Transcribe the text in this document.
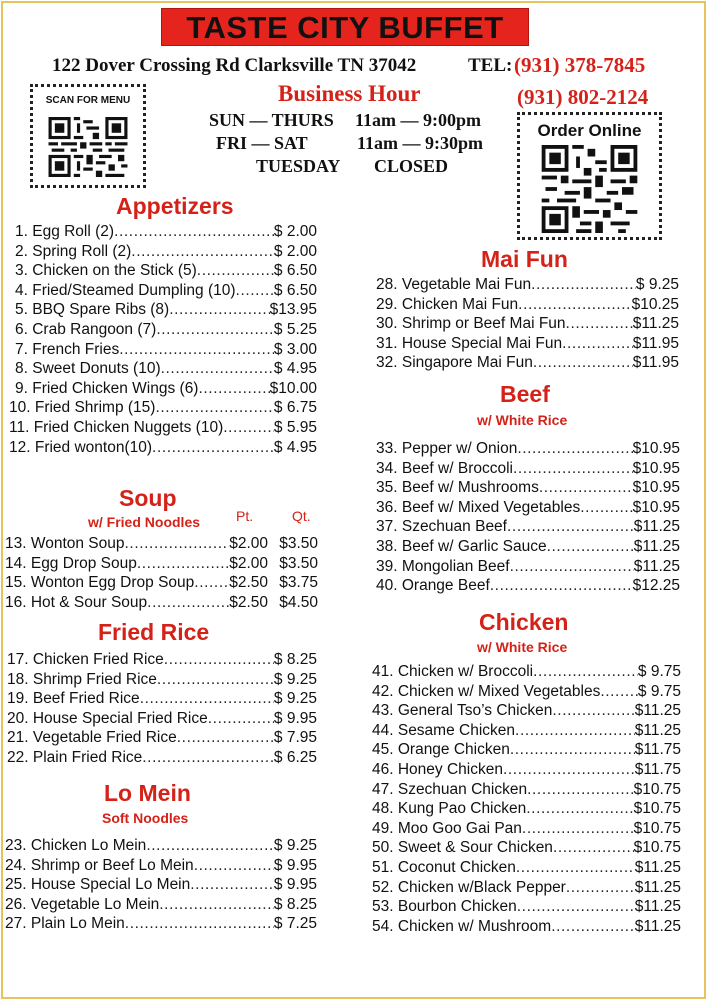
TASTE CITY BUFFET
122 Dover Crossing Rd Clarksville TN 37042	TEL: (931) 378-7845
(931) 802-2124
Business Hour
SUN — THURS 11am — 9:00pm
FRI — SAT	11am — 9:30pm
TUESDAY CLOSED
SCAN FOR MENU
Order Online
Appetizers
1. Egg Roll (2) .....	$ 2.00
2. Spring Roll (2) .....	$ 2.00
3. Chicken on the Stick (5) .....	$ 6.50
4. Fried/Steamed Dumpling (10) ..... $ 6.50
5. BBQ Spare Ribs (8) .....	$13.95
6. Crab Rangoon (7) .....	$ 5.25
7. French Fries .....	$ 3.00
8. Sweet Donuts (10) .....	$ 4.95
9. Fried Chicken Wings (6) .....	$10.00
10. Fried Shrimp (15) .....	$ 6.75
11. Fried Chicken Nuggets (10) .....	$ 5.95
12. Fried wonton(10) .....	$ 4.95
Soup
w/ Fried Noodles	Pt.	Qt.
13. Wonton Soup .....	$2.00 $3.50
14. Egg Drop Soup .....	$2.00 $3.50
15. Wonton Egg Drop Soup ..... $2.50 $3.75
16. Hot & Sour Soup .....	$2.50 $4.50
Fried Rice
17. Chicken Fried Rice .....	$ 8.25
18. Shrimp Fried Rice .....	$ 9.25
19. Beef Fried Rice .....	$ 9.25
20. House Special Fried Rice .....	$ 9.95
21. Vegetable Fried Rice .....	$ 7.95
22. Plain Fried Rice .....	$ 6.25
Lo Mein
Soft Noodles
23. Chicken Lo Mein .....	$ 9.25
24. Shrimp or Beef Lo Mein .....	$ 9.95
25. House Special Lo Mein .....	$ 9.95
26. Vegetable Lo Mein .....	$ 8.25
27. Plain Lo Mein .....	$ 7.25
Mai Fun
28. Vegetable Mai Fun .....	$ 9.25
29. Chicken Mai Fun .....	$10.25
30. Shrimp or Beef Mai Fun .....	$11.25
31. House Special Mai Fun .....	$11.95
32. Singapore Mai Fun .....	$11.95
Beef
w/ White Rice
33. Pepper w/ Onion .....	$10.95
34. Beef w/ Broccoli .....	$10.95
35. Beef w/ Mushrooms .....	$10.95
36. Beef w/ Mixed Vegetables .....	$10.95
37. Szechuan Beef .....	$11.25
38. Beef w/ Garlic Sauce .....	$11.25
39. Mongolian Beef .....	$11.25
40. Orange Beef .....	$12.25
Chicken
w/ White Rice
41. Chicken w/ Broccoli .....	$ 9.75
42. Chicken w/ Mixed Vegetables ..... $ 9.75
43. General Tso’s Chicken .....	$11.25
44. Sesame Chicken .....	$11.25
45. Orange Chicken .....	$11.75
46. Honey Chicken .....	$11.75
47. Szechuan Chicken .....	$10.75
48. Kung Pao Chicken .....	$10.75
49. Moo Goo Gai Pan .....	$10.75
50. Sweet & Sour Chicken .....	$10.75
51. Coconut Chicken .....	$11.25
52. Chicken w/Black Pepper .....	$11.25
53. Bourbon Chicken .....	$11.25
54. Chicken w/ Mushroom .....	$11.25
